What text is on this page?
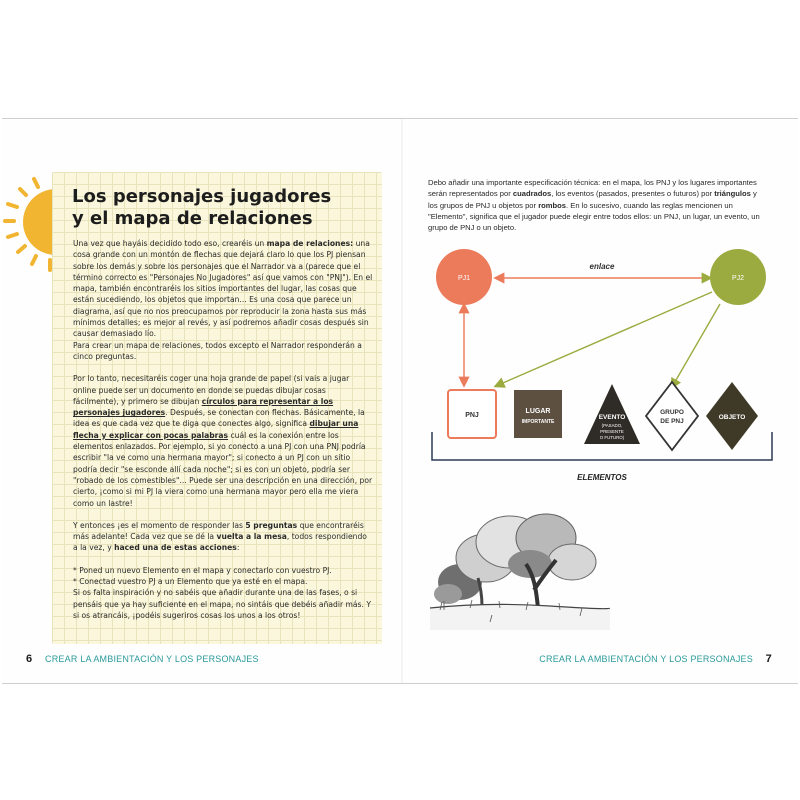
Los personajes jugadores
y el mapa de relaciones

Una vez que hayáis decidido todo eso, crearéis un mapa de relaciones: una cosa grande con un montón de flechas que dejará claro lo que los PJ piensan sobre los demás y sobre los personajes que el Narrador va a (parece que el término correcto es "Personajes No Jugadores" así que vamos con "PNJ"). En el mapa, también encontraréis los sitios importantes del lugar, las cosas que están sucediendo, los objetos que importan... Es una cosa que parece un diagrama, así que no nos preocupamos por reproducir la zona hasta sus más mínimos detalles; es mejor al revés, y así podremos añadir cosas después sin causar demasiado lío.

Para crear un mapa de relaciones, todos excepto el Narrador responderán a cinco preguntas.

Por lo tanto, necesitaréis coger una hoja grande de papel (si vais a jugar online puede ser un documento en donde se puedas dibujar cosas fácilmente), y primero se dibujan círculos para representar a los personajes jugadores. Después, se conectan con flechas. Básicamente, la idea es que cada vez que te diga que conectes algo, significa dibujar una flecha y explicar con pocas palabras cuál es la conexión entre los elementos enlazados. Por ejemplo, si yo conecto a una PJ con una PNJ podría escribir "la ve como una hermana mayor"; si conecto a un PJ con un sitio podría decir "se esconde allí cada noche"; si es con un objeto, podría ser "robado de los comestibles"... Puede ser una descripción en una dirección, por cierto, ¡como si mi PJ la viera como una hermana mayor pero ella me viera como un lastre!

Y entonces ¡es el momento de responder las 5 preguntas que encontraréis más adelante! Cada vez que se dé la vuelta a la mesa, todos respondiendo a la vez, y haced una de estas acciones:

* Poned un nuevo Elemento en el mapa y conectarlo con vuestro PJ.

* Conectad vuestro PJ a un Elemento que ya esté en el mapa.

Si os falta inspiración y no sabéis que añadir durante una de las fases, o si pensáis que ya hay suficiente en el mapa, no sintáis que debéis añadir más. Y si os atrancáis, ¡podéis sugeriros cosas los unos a los otros!

6 CREAR LA AMBIENTACIÓN Y LOS PERSONAJES	CREAR LA AMBIENTACIÓN Y LOS PERSONAJES 7
Debo añadir una importante especificación técnica: en el mapa, los PNJ y los lugares importantes serán representados por cuadrados, los eventos (pasados, presentes o futuros) por triángulos y los grupos de PNJ u objetos por rombos. En lo sucesivo, cuando las reglas mencionen un "Elemento", significa que el jugador puede elegir entre todos ellos: un PNJ, un lugar, un evento, un grupo de PNJ o un objeto.
enlace
PJ1	PJ2
PNJ
LUGAR
IMPORTANTE
EVENTO
(PASADO,
PRESENTE
O FUTURO)
GRUPO
DE PNJ
OBJETO
ELEMENTOS
